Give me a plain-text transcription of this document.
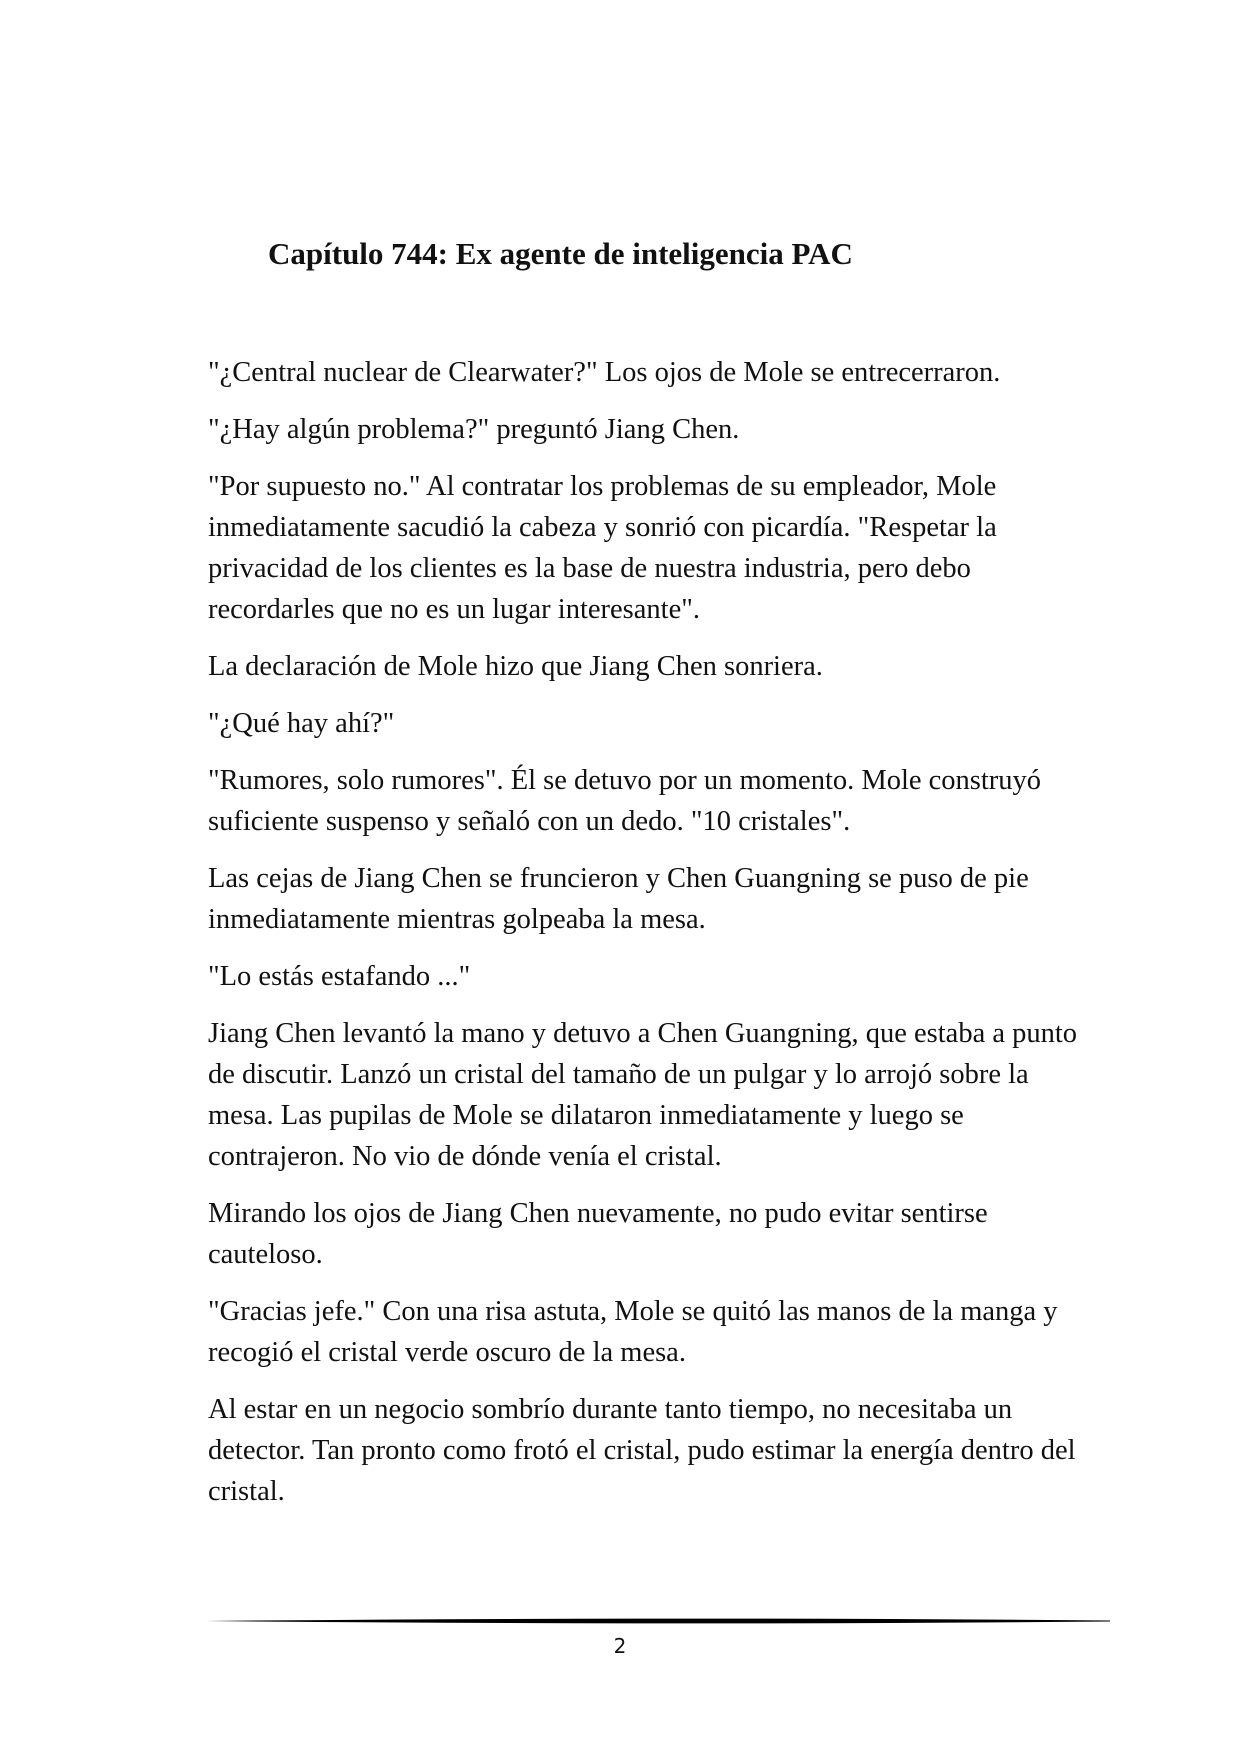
Capítulo 744: Ex agente de inteligencia PAC

"¿Central nuclear de Clearwater?" Los ojos de Mole se entrecerraron.

"¿Hay algún problema?" preguntó Jiang Chen.

"Por supuesto no." Al contratar los problemas de su empleador, Mole inmediatamente sacudió la cabeza y sonrió con picardía. "Respetar la privacidad de los clientes es la base de nuestra industria, pero debo recordarles que no es un lugar interesante".

La declaración de Mole hizo que Jiang Chen sonriera.

"¿Qué hay ahí?"

"Rumores, solo rumores". Él se detuvo por un momento. Mole construyó suficiente suspenso y señaló con un dedo. "10 cristales".

Las cejas de Jiang Chen se fruncieron y Chen Guangning se puso de pie inmediatamente mientras golpeaba la mesa.

"Lo estás estafando ..."

Jiang Chen levantó la mano y detuvo a Chen Guangning, que estaba a punto de discutir. Lanzó un cristal del tamaño de un pulgar y lo arrojó sobre la mesa. Las pupilas de Mole se dilataron inmediatamente y luego se contrajeron. No vio de dónde venía el cristal.

Mirando los ojos de Jiang Chen nuevamente, no pudo evitar sentirse cauteloso.

"Gracias jefe." Con una risa astuta, Mole se quitó las manos de la manga y recogió el cristal verde oscuro de la mesa.

Al estar en un negocio sombrío durante tanto tiempo, no necesitaba un detector. Tan pronto como frotó el cristal, pudo estimar la energía dentro del cristal.

2
